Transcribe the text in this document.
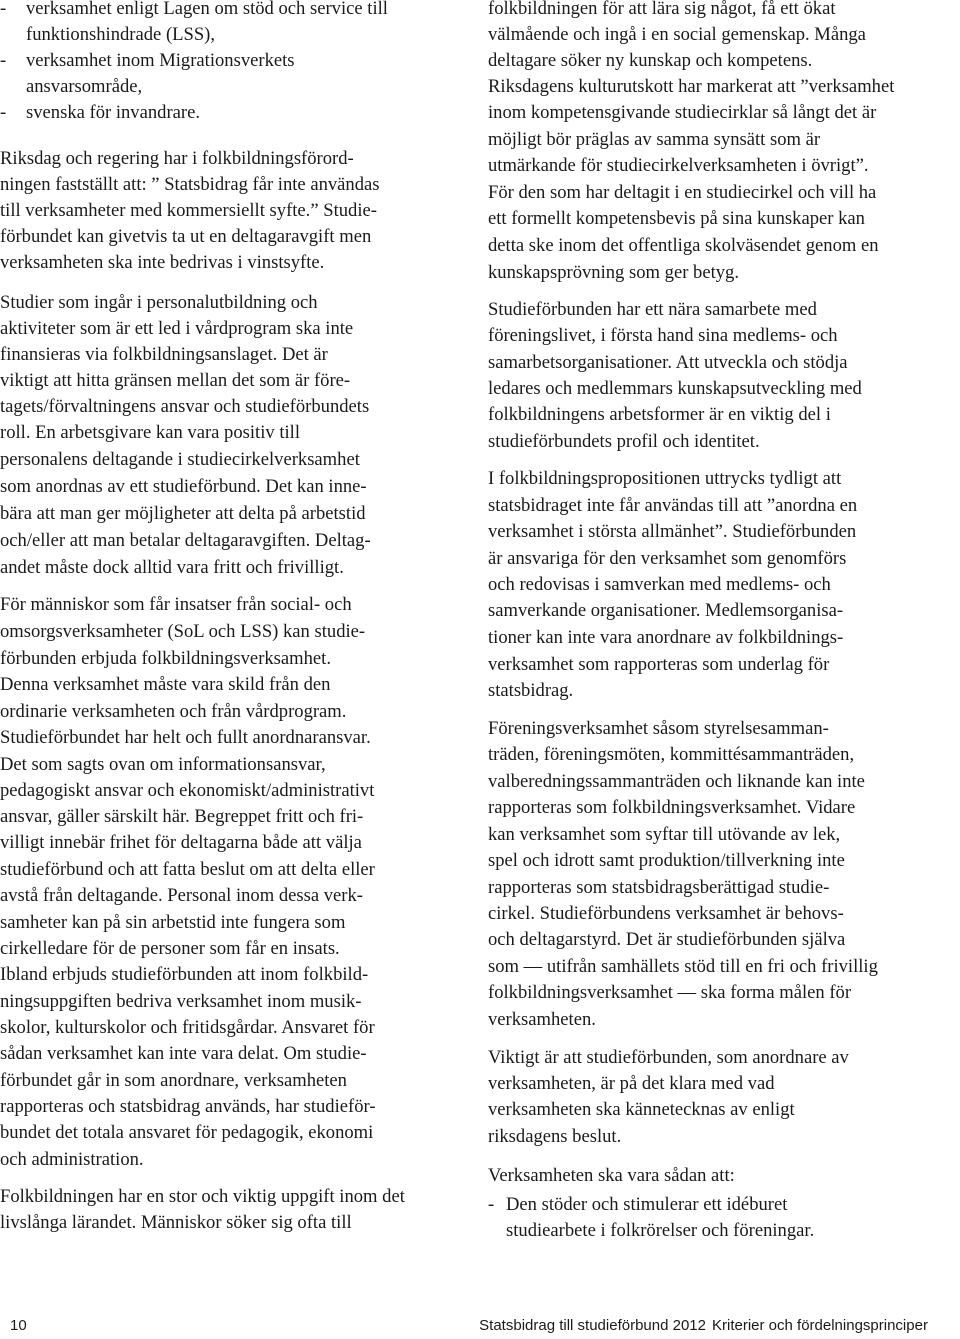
- verksamhet enligt Lagen om stöd och service till
funktionshindrade (LSS),
- verksamhet inom Migrationsverkets
ansvarsområde,
- svenska för invandrare.
Riksdag och regering har i folkbildningsförord-
ningen fastställt att: ” Statsbidrag får inte användas
till verksamheter med kommersiellt syfte.” Studie-
förbundet kan givetvis ta ut en deltagaravgift men
verksamheten ska inte bedrivas i vinstsyfte.
Studier som ingår i personalutbildning och
aktiviteter som är ett led i vårdprogram ska inte
finansieras via folkbildningsanslaget. Det är
viktigt att hitta gränsen mellan det som är före-
tagets/förvaltningens ansvar och studieförbundets
roll. En arbetsgivare kan vara positiv till
personalens deltagande i studiecirkelverksamhet
som anordnas av ett studieförbund. Det kan inne-
bära att man ger möjligheter att delta på arbetstid
och/eller att man betalar deltagaravgiften. Deltag-
andet måste dock alltid vara fritt och frivilligt.
För människor som får insatser från social- och
omsorgsverksamheter (SoL och LSS) kan studie-
förbunden erbjuda folkbildningsverksamhet.
Denna verksamhet måste vara skild från den
ordinarie verksamheten och från vårdprogram.
Studieförbundet har helt och fullt anordnaransvar.
Det som sagts ovan om informationsansvar,
pedagogiskt ansvar och ekonomiskt/administrativt
ansvar, gäller särskilt här. Begreppet fritt och fri-
villigt innebär frihet för deltagarna både att välja
studieförbund och att fatta beslut om att delta eller
avstå från deltagande. Personal inom dessa verk-
samheter kan på sin arbetstid inte fungera som
cirkelledare för de personer som får en insats.
Ibland erbjuds studieförbunden att inom folkbild-
ningsuppgiften bedriva verksamhet inom musik-
skolor, kulturskolor och fritidsgårdar. Ansvaret för
sådan verksamhet kan inte vara delat. Om studie-
förbundet går in som anordnare, verksamheten
rapporteras och statsbidrag används, har studieför-
bundet det totala ansvaret för pedagogik, ekonomi
och administration.
Folkbildningen har en stor och viktig uppgift inom det
livslånga lärandet. Människor söker sig ofta till
folkbildningen för att lära sig något, få ett ökat
välmående och ingå i en social gemenskap. Många
deltagare söker ny kunskap och kompetens.
Riksdagens kulturutskott har markerat att ”verksamhet
inom kompetensgivande studiecirklar så långt det är
möjligt bör präglas av samma synsätt som är
utmärkande för studiecirkelverksamheten i övrigt”.
För den som har deltagit i en studiecirkel och vill ha
ett formellt kompetensbevis på sina kunskaper kan
detta ske inom det offentliga skolväsendet genom en
kunskapsprövning som ger betyg.
Studieförbunden har ett nära samarbete med
föreningslivet, i första hand sina medlems- och
samarbetsorganisationer. Att utveckla och stödja
ledares och medlemmars kunskapsutveckling med
folkbildningens arbetsformer är en viktig del i
studieförbundets profil och identitet.
I folkbildningspropositionen uttrycks tydligt att
statsbidraget inte får användas till att ”anordna en
verksamhet i största allmänhet”. Studieförbunden
är ansvariga för den verksamhet som genomförs
och redovisas i samverkan med medlems- och
samverkande organisationer. Medlemsorganisa-
tioner kan inte vara anordnare av folkbildnings-
verksamhet som rapporteras som underlag för
statsbidrag.
Föreningsverksamhet såsom styrelsesamman-
träden, föreningsmöten, kommittésammanträden,
valberedningssammanträden och liknande kan inte
rapporteras som folkbildningsverksamhet. Vidare
kan verksamhet som syftar till utövande av lek,
spel och idrott samt produktion/tillverkning inte
rapporteras som statsbidragsberättigad studie-
cirkel. Studieförbundens verksamhet är behovs-
och deltagarstyrd. Det är studieförbunden själva
som — utifrån samhällets stöd till en fri och frivillig
folkbildningsverksamhet — ska forma målen för
verksamheten.
Viktigt är att studieförbunden, som anordnare av
verksamheten, är på det klara med vad
verksamheten ska kännetecknas av enligt
riksdagens beslut.
Verksamheten ska vara sådan att:
- Den stöder och stimulerar ett idéburet
studiearbete i folkrörelser och föreningar.
10	Statsbidrag till studieförbund 2012 Kriterier och fördelningsprinciper
